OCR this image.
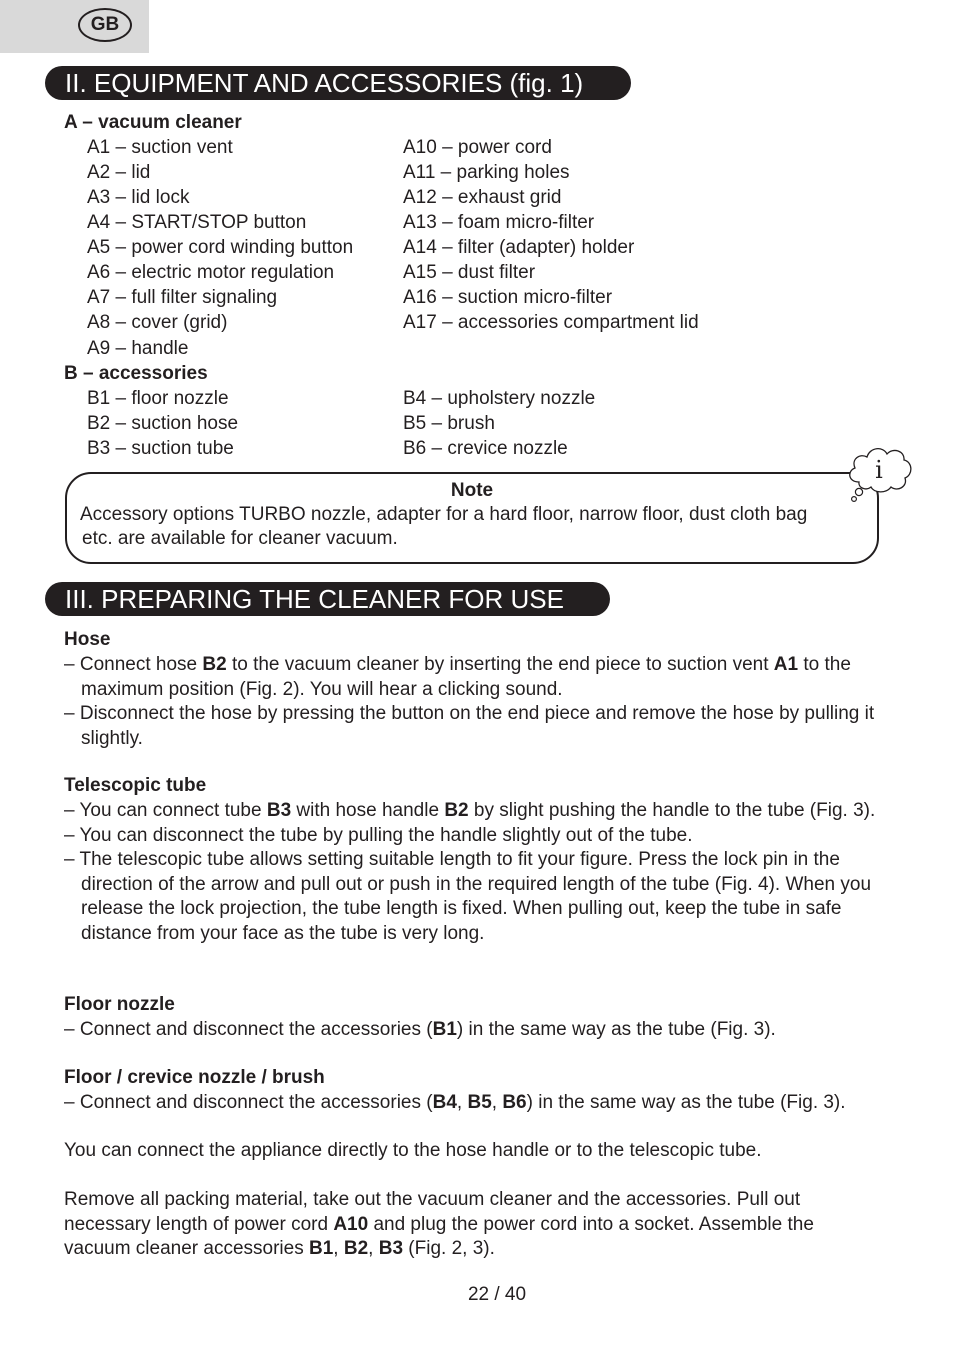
GB
II. EQUIPMENT AND ACCESSORIES (fig. 1)
A – vacuum cleaner
A1 – suction vent
A2 – lid
A3 – lid lock
A4 – START/STOP button
A5 – power cord winding button
A6 – electric motor regulation
A7 – full filter signaling
A8 – cover (grid)
A9 – handle
A10 – power cord
A11 – parking holes
A12 – exhaust grid
A13 – foam micro-filter
A14 – filter (adapter) holder
A15 – dust filter
A16 – suction micro-filter
A17 – accessories compartment lid
B – accessories
B1 – floor nozzle
B2 – suction hose
B3 – suction tube
B4 – upholstery nozzle
B5 – brush
B6 – crevice nozzle
Note
Accessory options TURBO nozzle, adapter for a hard floor, narrow floor, dust cloth bag
etc. are available for cleaner vacuum.
i
III. PREPARING THE CLEANER FOR USE
Hose
– Connect hose B2 to the vacuum cleaner by inserting the end piece to suction vent A1 to the maximum position (Fig. 2). You will hear a clicking sound.
– Disconnect the hose by pressing the button on the end piece and remove the hose by pulling it slightly.
Telescopic tube
– You can connect tube B3 with hose handle B2 by slight pushing the handle to the tube (Fig. 3).
– You can disconnect the tube by pulling the handle slightly out of the tube.
– The telescopic tube allows setting suitable length to fit your figure. Press the lock pin in the direction of the arrow and pull out or push in the required length of the tube (Fig. 4). When you release the lock projection, the tube length is fixed. When pulling out, keep the tube in safe distance from your face as the tube is very long.
Floor nozzle
– Connect and disconnect the accessories (B1) in the same way as the tube (Fig. 3).
Floor / crevice nozzle / brush
– Connect and disconnect the accessories (B4, B5, B6) in the same way as the tube (Fig. 3).
You can connect the appliance directly to the hose handle or to the telescopic tube.
Remove all packing material, take out the vacuum cleaner and the accessories. Pull out necessary length of power cord A10 and plug the power cord into a socket. Assemble the vacuum cleaner accessories B1, B2, B3 (Fig. 2, 3).
22 / 40
